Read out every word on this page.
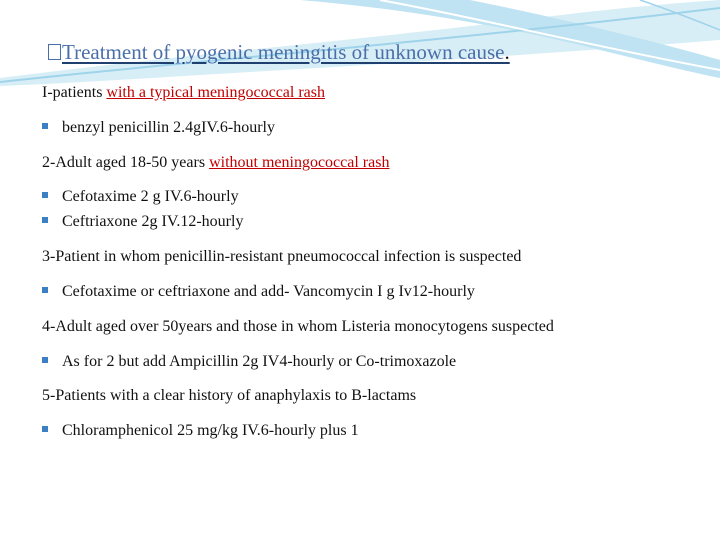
Treatment of pyogenic meningitis of unknown cause.
I-patients with a typical meningococcal rash
benzyl penicillin 2.4gIV.6-hourly
2-Adult aged 18-50 years without meningococcal rash
Cefotaxime 2 g IV.6-hourly
Ceftriaxone 2g IV.12-hourly
3-Patient in whom penicillin-resistant pneumococcal infection is suspected
Cefotaxime or ceftriaxone and add- Vancomycin I g Iv12-hourly
4-Adult aged over 50years and those in whom Listeria monocytogens suspected
As for 2 but add Ampicillin 2g IV4-hourly or Co-trimoxazole
5-Patients with a clear history of anaphylaxis to B-lactams
Chloramphenicol 25 mg/kg IV.6-hourly plus 1
